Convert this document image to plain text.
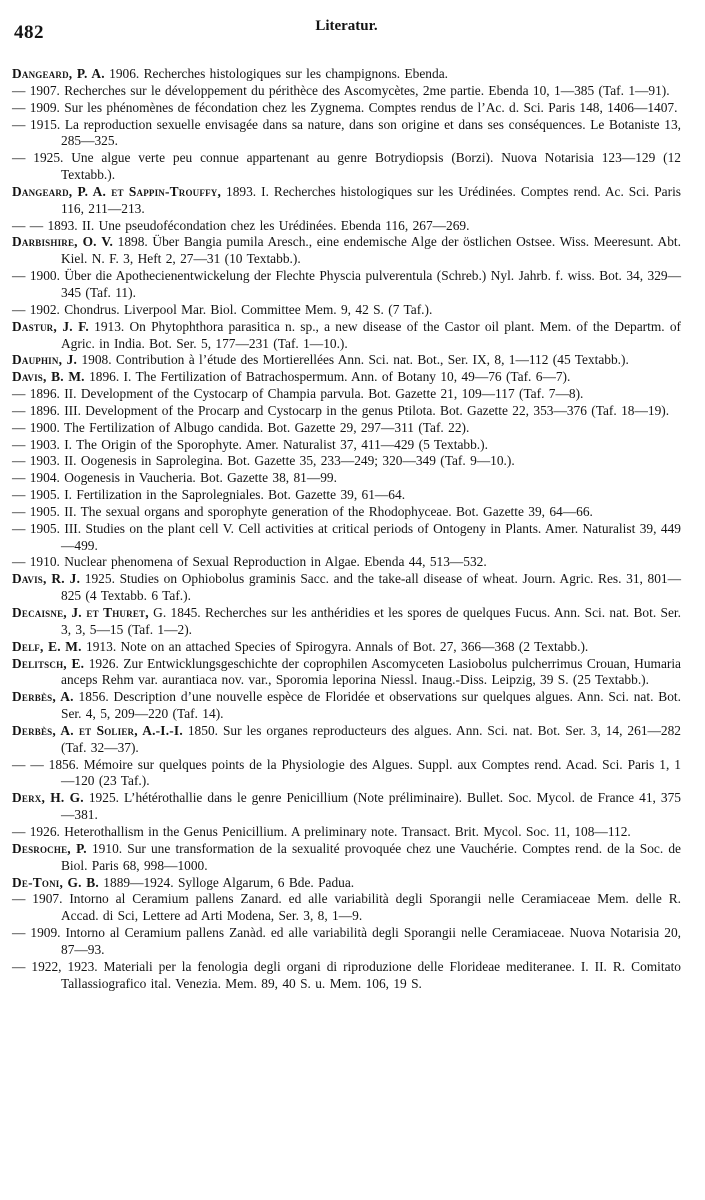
482	Literatur.

Dangeard, P. A. 1906. Recherches histologiques sur les champignons. Ebenda.

— 1907. Recherches sur le développement du périthèce des Ascomycètes, 2me partie. Ebenda 10, 1—385 (Taf. 1—91).

— 1909. Sur les phénomènes de fécondation chez les Zygnema. Comptes rendus de l’Ac. d. Sci. Paris 148, 1406—1407.

— 1915. La reproduction sexuelle envisagée dans sa nature, dans son origine et dans ses conséquences. Le Botaniste 13, 285—325.

— 1925. Une algue verte peu connue appartenant au genre Botrydiopsis (Borzi). Nuova Notarisia 123—129 (12 Textabb.).

Dangeard, P. A. et Sappin-Trouffy, 1893. I. Recherches histologiques sur les Urédinées. Comptes rend. Ac. Sci. Paris 116, 211—213.

— — 1893. II. Une pseudofécondation chez les Urédinées. Ebenda 116, 267—269.

Darbishire, O. V. 1898. Über Bangia pumila Aresch., eine endemische Alge der östlichen Ostsee. Wiss. Meeresunt. Abt. Kiel. N. F. 3, Heft 2, 27—31 (10 Textabb.).

— 1900. Über die Apothecienentwickelung der Flechte Physcia pulverentula (Schreb.) Nyl. Jahrb. f. wiss. Bot. 34, 329—345 (Taf. 11).

— 1902. Chondrus. Liverpool Mar. Biol. Committee Mem. 9, 42 S. (7 Taf.).

Dastur, J. F. 1913. On Phytophthora parasitica n. sp., a new disease of the Castor oil plant. Mem. of the Departm. of Agric. in India. Bot. Ser. 5, 177—231 (Taf. 1—10.).

Dauphin, J. 1908. Contribution à l’étude des Mortierellées Ann. Sci. nat. Bot., Ser. IX, 8, 1—112 (45 Textabb.).

Davis, B. M. 1896. I. The Fertilization of Batrachospermum. Ann. of Botany 10, 49—76 (Taf. 6—7).

— 1896. II. Development of the Cystocarp of Champia parvula. Bot. Gazette 21, 109—117 (Taf. 7—8).

— 1896. III. Development of the Procarp and Cystocarp in the genus Ptilota. Bot. Gazette 22, 353—376 (Taf. 18—19).

— 1900. The Fertilization of Albugo candida. Bot. Gazette 29, 297—311 (Taf. 22).

— 1903. I. The Origin of the Sporophyte. Amer. Naturalist 37, 411—429 (5 Textabb.).

— 1903. II. Oogenesis in Saprolegina. Bot. Gazette 35, 233—249; 320—349 (Taf. 9—10.).

— 1904. Oogenesis in Vaucheria. Bot. Gazette 38, 81—99.

— 1905. I. Fertilization in the Saprolegniales. Bot. Gazette 39, 61—64.

— 1905. II. The sexual organs and sporophyte generation of the Rhodophyceae. Bot. Gazette 39, 64—66.

— 1905. III. Studies on the plant cell V. Cell activities at critical periods of Ontogeny in Plants. Amer. Naturalist 39, 449—499.

— 1910. Nuclear phenomena of Sexual Reproduction in Algae. Ebenda 44, 513—532.

Davis, R. J. 1925. Studies on Ophiobolus graminis Sacc. and the take-all disease of wheat. Journ. Agric. Res. 31, 801—825 (4 Textabb. 6 Taf.).

Decaisne, J. et Thuret, G. 1845. Recherches sur les anthéridies et les spores de quelques Fucus. Ann. Sci. nat. Bot. Ser. 3, 3, 5—15 (Taf. 1—2).

Delf, E. M. 1913. Note on an attached Species of Spirogyra. Annals of Bot. 27, 366—368 (2 Textabb.).

Delitsch, E. 1926. Zur Entwicklungsgeschichte der coprophilen Ascomyceten Lasiobolus pulcherrimus Crouan, Humaria anceps Rehm var. aurantiaca nov. var., Sporomia leporina Niessl. Inaug.-Diss. Leipzig, 39 S. (25 Textabb.).

Derbès, A. 1856. Description d’une nouvelle espèce de Floridée et observations sur quelques algues. Ann. Sci. nat. Bot. Ser. 4, 5, 209—220 (Taf. 14).

Derbès, A. et Solier, A.-I.-I. 1850. Sur les organes reproducteurs des algues. Ann. Sci. nat. Bot. Ser. 3, 14, 261—282 (Taf. 32—37).

— — 1856. Mémoire sur quelques points de la Physiologie des Algues. Suppl. aux Comptes rend. Acad. Sci. Paris 1, 1—120 (23 Taf.).

Derx, H. G. 1925. L’hétérothallie dans le genre Penicillium (Note préliminaire). Bullet. Soc. Mycol. de France 41, 375—381.

— 1926. Heterothallism in the Genus Penicillium. A preliminary note. Transact. Brit. Mycol. Soc. 11, 108—112.

Desroche, P. 1910. Sur une transformation de la sexualité provoquée chez une Vauchérie. Comptes rend. de la Soc. de Biol. Paris 68, 998—1000.

De-Toni, G. B. 1889—1924. Sylloge Algarum, 6 Bde. Padua.

— 1907. Intorno al Ceramium pallens Zanard. ed alle variabilità degli Sporangii nelle Ceramiaceae Mem. delle R. Accad. di Sci, Lettere ad Arti Modena, Ser. 3, 8, 1—9.

— 1909. Intorno al Ceramium pallens Zanàd. ed alle variabilità degli Sporangii nelle Ceramiaceae. Nuova Notarisia 20, 87—93.

— 1922, 1923. Materiali per la fenologia degli organi di riproduzione delle Florideae mediteranee. I. II. R. Comitato Tallassiografico ital. Venezia. Mem. 89, 40 S. u. Mem. 106, 19 S.
